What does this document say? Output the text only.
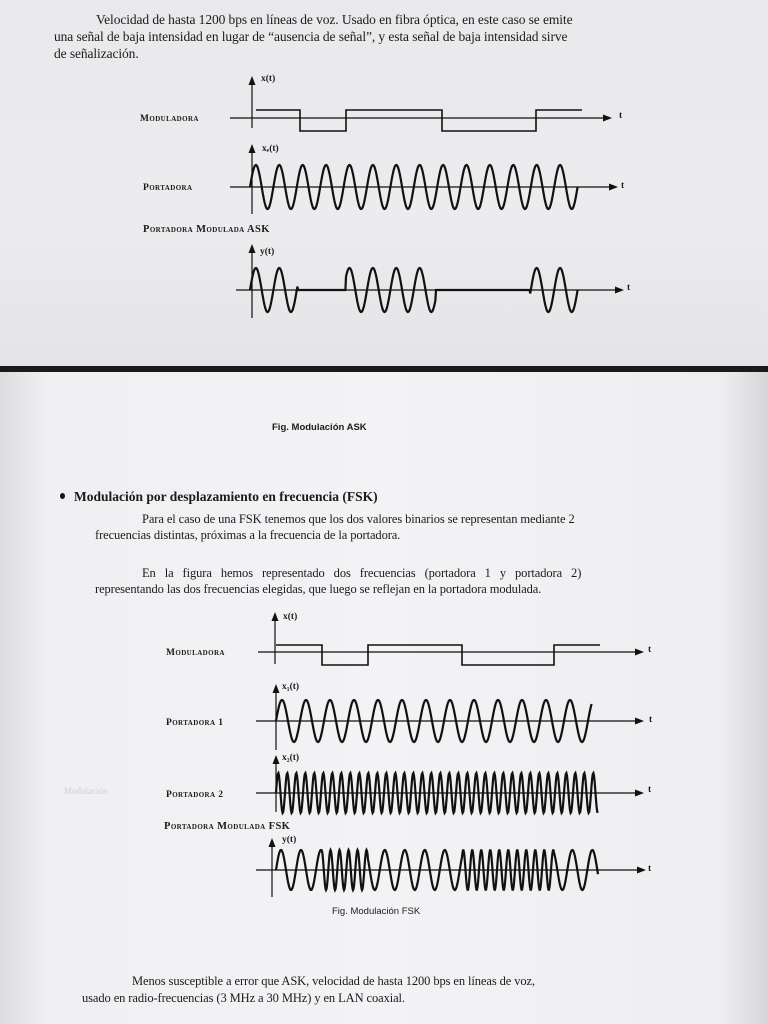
Velocidad de hasta 1200 bps en líneas de voz. Usado en fibra óptica, en este caso se emite
una señal de baja intensidad en lugar de “ausencia de señal”, y esta señal de baja intensidad sirve
de señalización.
x(t)
Moduladora	t
xₑ(t)
Portadora	t
Portadora Modulada ASK
y(t)
t
Fig. Modulación ASK
Modulación por desplazamiento en frecuencia (FSK)
Para el caso de una FSK tenemos que los dos valores binarios se representan mediante 2
frecuencias distintas, próximas a la frecuencia de la portadora.
En la figura hemos representado dos frecuencias (portadora 1 y portadora 2)
representando las dos frecuencias elegidas, que luego se reflejan en la portadora modulada.
x(t)
Moduladora	t
x₁(t)
Portadora 1	t
x₂(t)
Modulación	Portadora 2	t
Portadora Modulada FSK
y(t)
t
Fig. Modulación FSK
Menos susceptible a error que ASK, velocidad de hasta 1200 bps en líneas de voz,
usado en radio-frecuencias (3 MHz a 30 MHz) y en LAN coaxial.
